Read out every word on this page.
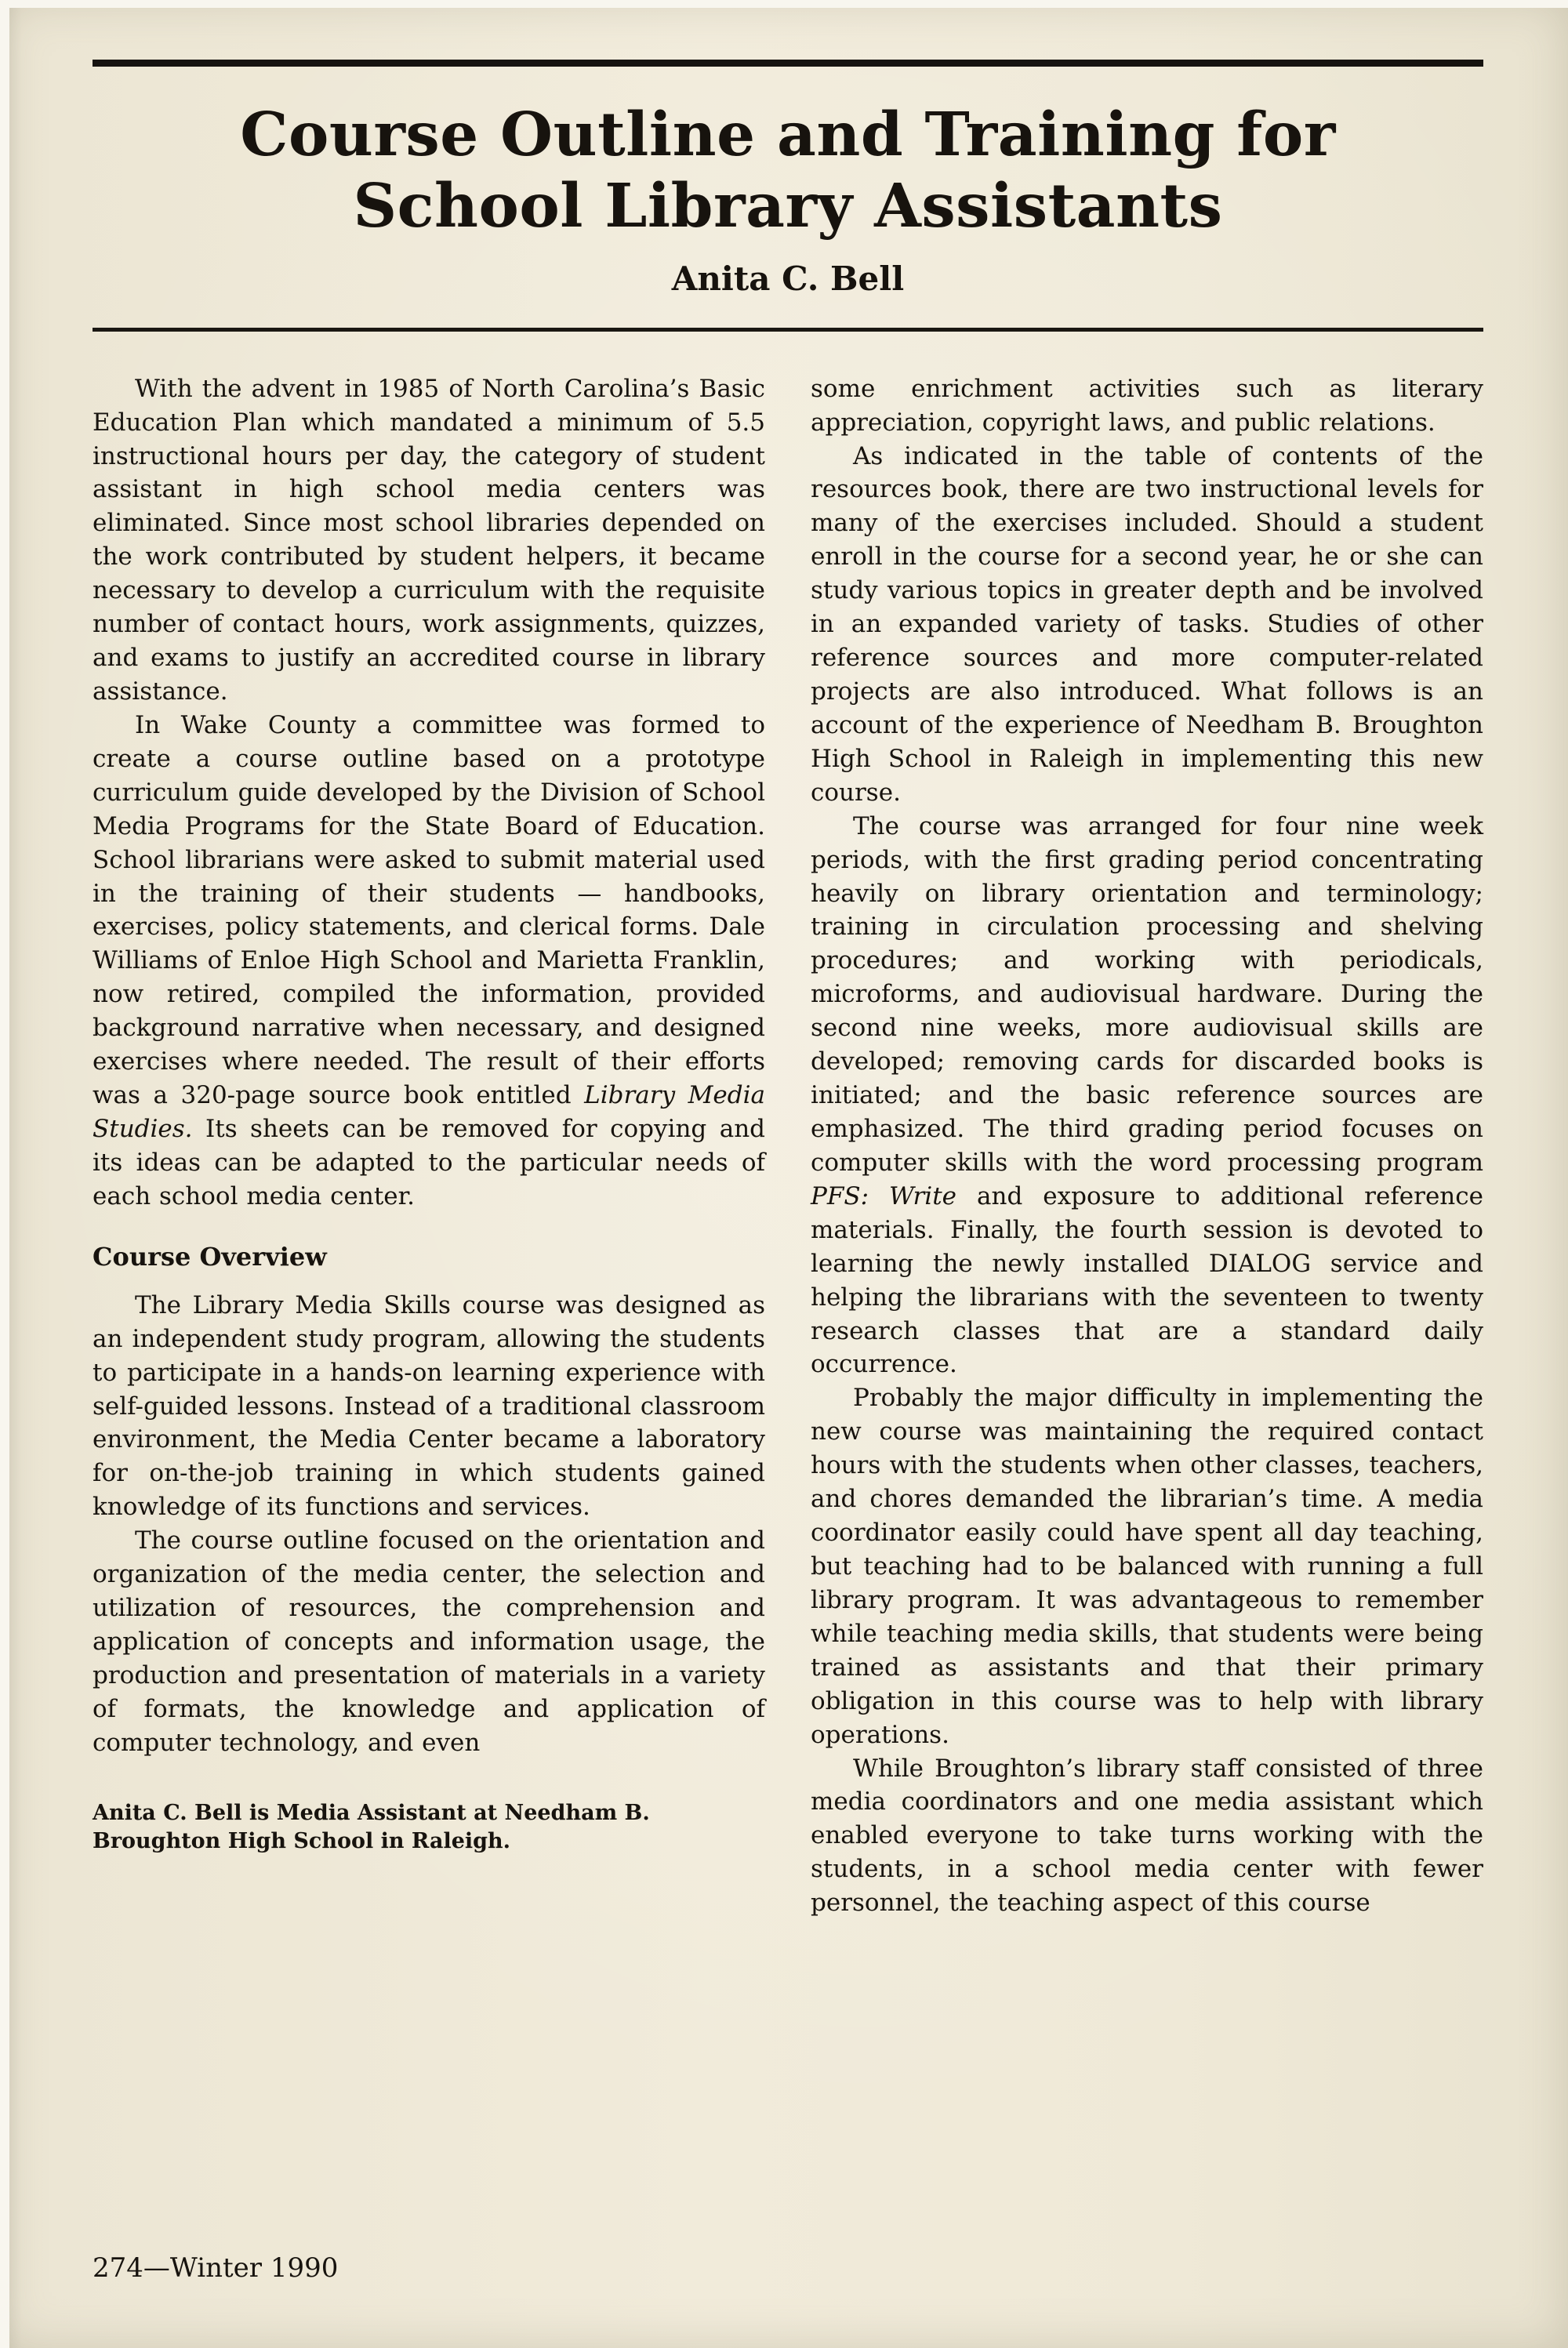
Course Outline and Training for
School Library Assistants
Anita C. Bell

With the advent in 1985 of North Carolina’s Basic Education Plan which mandated a minimum of 5.5 instructional hours per day, the category of student assistant in high school media centers was eliminated. Since most school libraries depended on the work contributed by student helpers, it became necessary to develop a curriculum with the requisite number of contact hours, work assignments, quizzes, and exams to justify an accredited course in library assistance.

In Wake County a committee was formed to create a course outline based on a prototype curriculum guide developed by the Division of School Media Programs for the State Board of Education. School librarians were asked to submit material used in the training of their students — handbooks, exercises, policy statements, and clerical forms. Dale Williams of Enloe High School and Marietta Franklin, now retired, compiled the information, provided background narrative when necessary, and designed exercises where needed. The result of their efforts was a 320-page source book entitled Library Media Studies. Its sheets can be removed for copying and its ideas can be adapted to the particular needs of each school media center.

Course Overview

The Library Media Skills course was designed as an independent study program, allowing the students to participate in a hands-on learning experience with self-guided lessons. Instead of a traditional classroom environment, the Media Center became a laboratory for on-the-job training in which students gained knowledge of its functions and services.

The course outline focused on the orientation and organization of the media center, the selection and utilization of resources, the comprehension and application of concepts and information usage, the production and presentation of materials in a variety of formats, the knowledge and application of computer technology, and even

Anita C. Bell is Media Assistant at Needham B. Broughton High School in Raleigh.

some enrichment activities such as literary appreciation, copyright laws, and public relations.

As indicated in the table of contents of the resources book, there are two instructional levels for many of the exercises included. Should a student enroll in the course for a second year, he or she can study various topics in greater depth and be involved in an expanded variety of tasks. Studies of other reference sources and more computer-related projects are also introduced. What follows is an account of the experience of Needham B. Broughton High School in Raleigh in implementing this new course.

The course was arranged for four nine week periods, with the first grading period concentrating heavily on library orientation and terminology; training in circulation processing and shelving procedures; and working with periodicals, microforms, and audiovisual hardware. During the second nine weeks, more audiovisual skills are developed; removing cards for discarded books is initiated; and the basic reference sources are emphasized. The third grading period focuses on computer skills with the word processing program PFS: Write and exposure to additional reference materials. Finally, the fourth session is devoted to learning the newly installed DIALOG service and helping the librarians with the seventeen to twenty research classes that are a standard daily occurrence.

Probably the major difficulty in implementing the new course was maintaining the required contact hours with the students when other classes, teachers, and chores demanded the librarian’s time. A media coordinator easily could have spent all day teaching, but teaching had to be balanced with running a full library program. It was advantageous to remember while teaching media skills, that students were being trained as assistants and that their primary obligation in this course was to help with library operations.

While Broughton’s library staff consisted of three media coordinators and one media assistant which enabled everyone to take turns working with the students, in a school media center with fewer personnel, the teaching aspect of this course

274—Winter 1990
